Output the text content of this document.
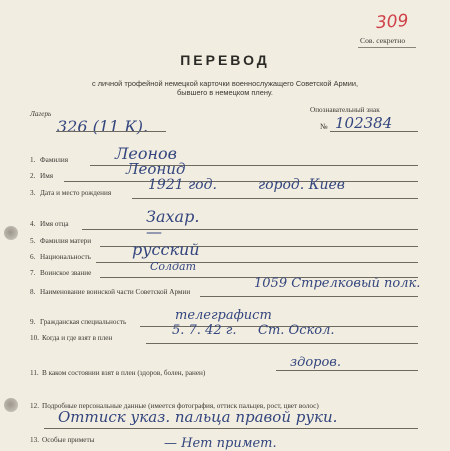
309
Сов. секретно
ПЕРЕВОД
с личной трофейной немецкой карточки военнослужащего Советской Армии,
бывшего в немецком плену.
Лагерь
326 (11 К).
Опознавательный знак
№ 102384
1. Фамилия	Леонов
2. Имя	Леонид
3. Дата и место рождения	1921 год.	город. Киев
4. Имя отца	Захар.
5. Фамилия матери	—
6. Национальность	русский
7. Воинское звание	Солдат
8. Наименование воинской части Советской Армии
1059 Стрелковый полк.
9. Гражданская специальность	телеграфист
10. Когда и где взят в плен	5. 7. 42 г. Ст. Оскол.
11. В каком состоянии взят в плен (здоров, болен, ранен)
здоров.
12. Подробные персональные данные (имеется фотография, оттиск пальцев, рост, цвет волос)
Оттиск указ. пальца правой руки.
13. Особые приметы	— Нет примет.
